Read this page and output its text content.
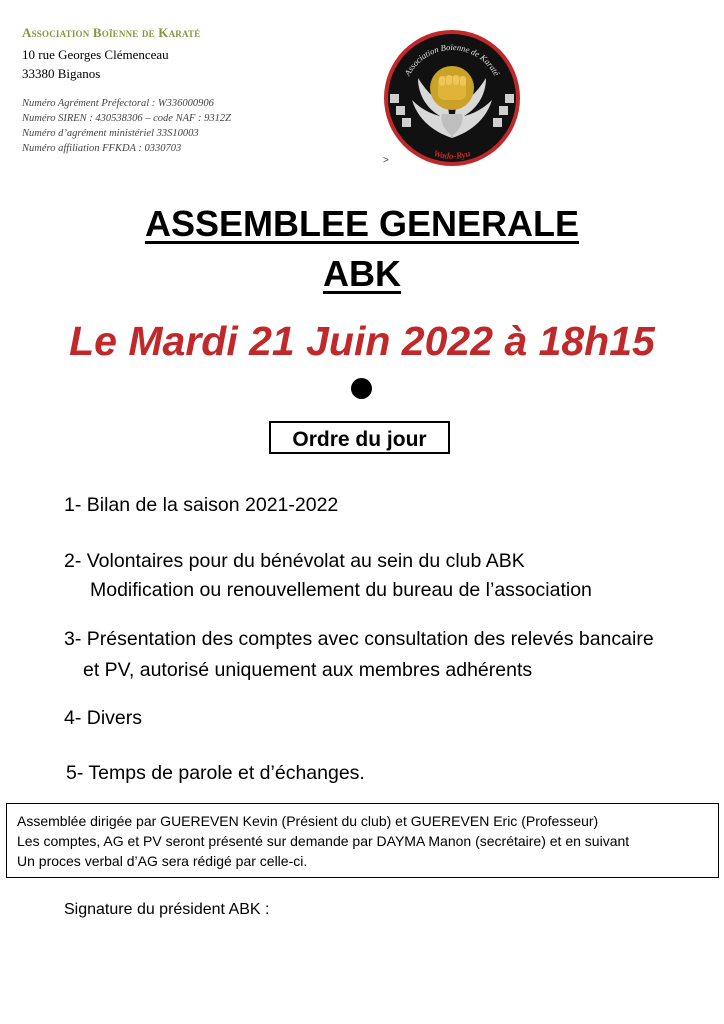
Association Boïenne de Karaté
10 rue Georges Clémenceau
33380 Biganos
Numéro Agrément Préfectoral : W336000906
Numéro SIREN : 430538306 – code NAF : 9312Z
Numéro d’agrément ministériel 33S10003
Numéro affiliation FFKDA : 0330703
Association Boïenne de Karaté
Wado-Ryu
>
ASSEMBLEE GENERALE
ABK
Le Mardi 21 Juin 2022 à 18h15
Ordre du jour
1- Bilan de la saison 2021-2022
2- Volontaires pour du bénévolat au sein du club ABK
Modification ou renouvellement du bureau de l’association
3- Présentation des comptes avec consultation des relevés bancaire
et PV, autorisé uniquement aux membres adhérents
4- Divers
5- Temps de parole et d’échanges.
Assemblée dirigée par GUEREVEN Kevin (Présient du club) et GUEREVEN Eric (Professeur)
Les comptes, AG et PV seront présenté sur demande par DAYMA Manon (secrétaire) et en suivant
Un proces verbal d’AG sera rédigé par celle-ci.
Signature du président ABK :
